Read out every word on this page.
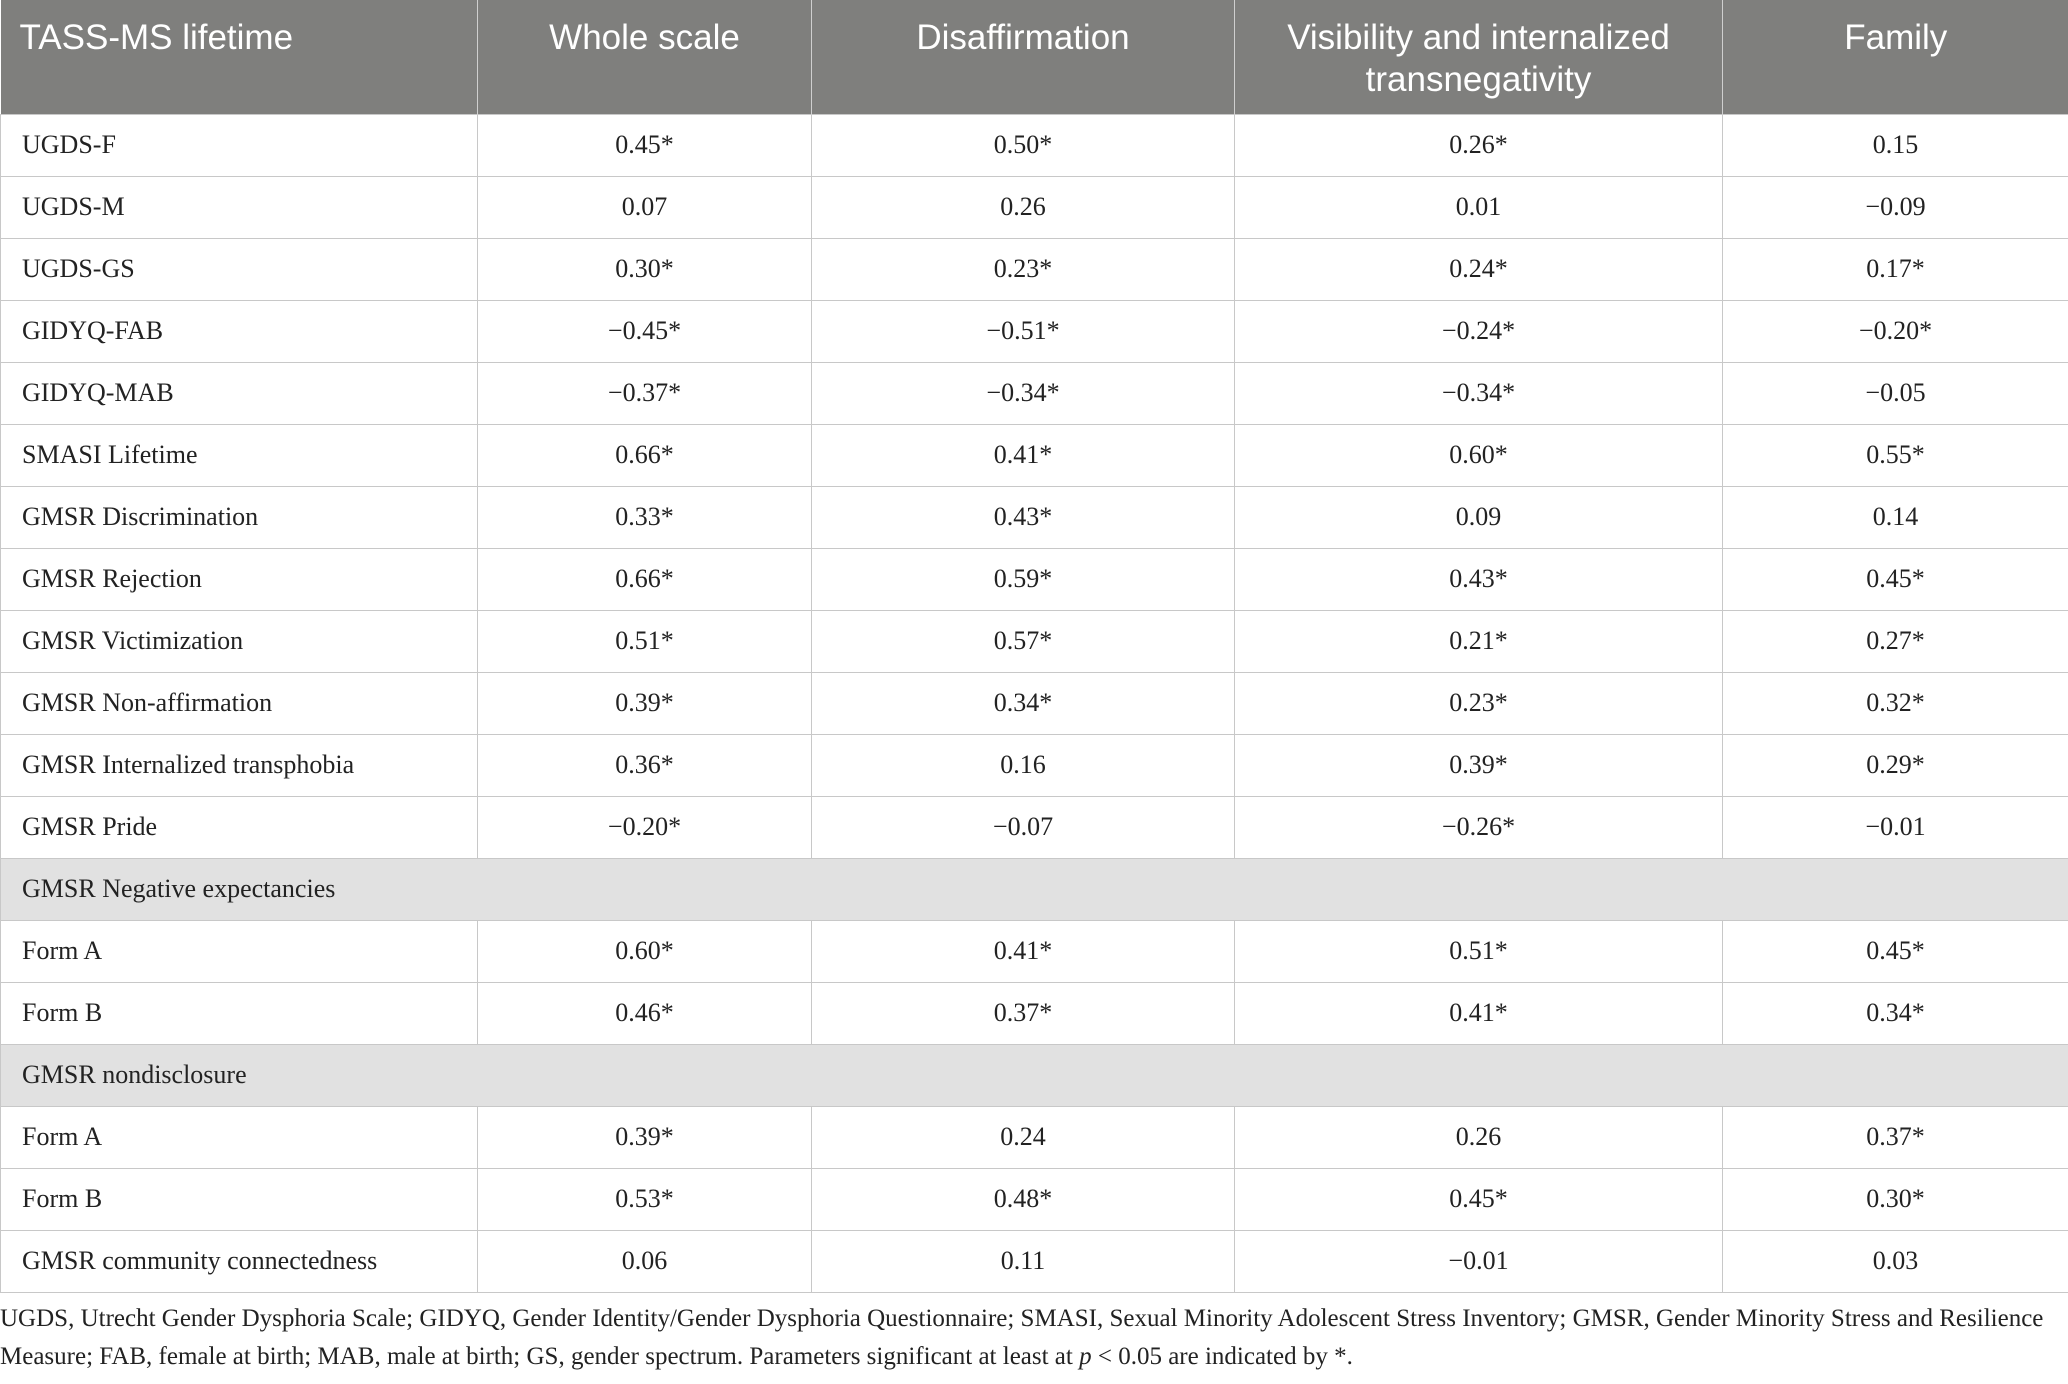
TASS-MS lifetime	Whole scale	Disaffirmation	Visibility and internalized transnegativity	Family
UGDS-F	0.45*	0.50*	0.26*	0.15
UGDS-M	0.07	0.26	0.01	−0.09
UGDS-GS	0.30*	0.23*	0.24*	0.17*
GIDYQ-FAB	−0.45*	−0.51*	−0.24*	−0.20*
GIDYQ-MAB	−0.37*	−0.34*	−0.34*	−0.05
SMASI Lifetime	0.66*	0.41*	0.60*	0.55*
GMSR Discrimination	0.33*	0.43*	0.09	0.14
GMSR Rejection	0.66*	0.59*	0.43*	0.45*
GMSR Victimization	0.51*	0.57*	0.21*	0.27*
GMSR Non-affirmation	0.39*	0.34*	0.23*	0.32*
GMSR Internalized transphobia	0.36*	0.16	0.39*	0.29*
GMSR Pride	−0.20*	−0.07	−0.26*	−0.01
GMSR Negative expectancies				
Form A	0.60*	0.41*	0.51*	0.45*
Form B	0.46*	0.37*	0.41*	0.34*
GMSR nondisclosure				
Form A	0.39*	0.24	0.26	0.37*
Form B	0.53*	0.48*	0.45*	0.30*
GMSR community connectedness	0.06	0.11	−0.01	0.03
UGDS, Utrecht Gender Dysphoria Scale; GIDYQ, Gender Identity/Gender Dysphoria Questionnaire; SMASI, Sexual Minority Adolescent Stress Inventory; GMSR, Gender Minority Stress and Resilience Measure; FAB, female at birth; MAB, male at birth; GS, gender spectrum. Parameters significant at least at p < 0.05 are indicated by *.
